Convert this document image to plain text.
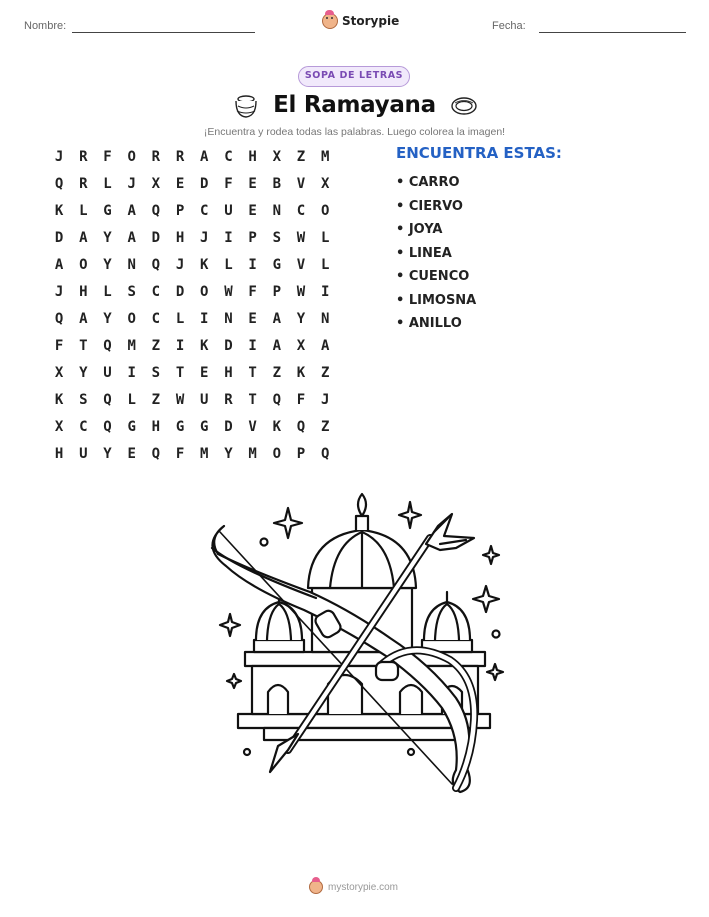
Nombre:	Storypie	Fecha:
SOPA DE LETRAS
El Ramayana
¡Encuentra y rodea todas las palabras. Luego colorea la imagen!
J	R	F	O	R	R	A	C	H	X	Z	M
Q	R	L	J	X	E	D	F	E	B	V	X
K	L	G	A	Q	P	C	U	E	N	C	O
D	A	Y	A	D	H	J	I	P	S	W	L
A	O	Y	N	Q	J	K	L	I	G	V	L
J	H	L	S	C	D	O	W	F	P	W	I
Q	A	Y	O	C	L	I	N	E	A	Y	N
F	T	Q	M	Z	I	K	D	I	A	X	A
X	Y	U	I	S	T	E	H	T	Z	K	Z
K	S	Q	L	Z	W	U	R	T	Q	F	J
X	C	Q	G	H	G	G	D	V	K	Q	Z
H	U	Y	E	Q	F	M	Y	M	O	P	Q
ENCUENTRA ESTAS:
• CARRO
• CIERVO
• JOYA
• LINEA
• CUENCO
• LIMOSNA
• ANILLO
mystorypie.com
